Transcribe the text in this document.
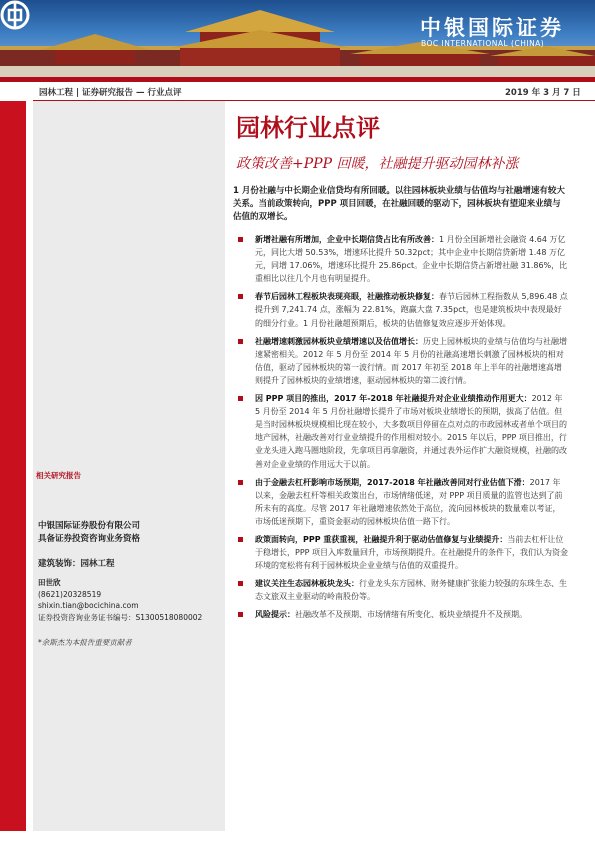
中银国际证券
BOC INTERNATIONAL (CHINA)
园林工程 | 证券研究报告 — 行业点评	2019 年 3 月 7 日
相关研究报告
中银国际证券股份有限公司
具备证券投资咨询业务资格
建筑装饰：园林工程
田世欣
(8621)20328519
shixin.tian@bocichina.com
证券投资咨询业务证书编号：S1300518080002
*余斯杰为本报告重要贡献者
园林行业点评
政策改善+PPP 回暖，社融提升驱动园林补涨
1 月份社融与中长期企业信贷均有所回暖。以往园林板块业绩与估值均与社融增速有较大关系。当前政策转向，PPP 项目回暖，在社融回暖的驱动下，园林板块有望迎来业绩与估值的双增长。
新增社融有所增加，企业中长期信贷占比有所改善：1 月份全国新增社会融资 4.64 万亿元，同比大增 50.53%，增速环比提升 50.32pct；其中企业中长期信贷新增 1.48 万亿元，同增 17.06%，增速环比提升 25.86pct。企业中长期信贷占新增社融 31.86%，比重相比以往几个月也有明显提升。
春节后园林工程板块表现亮眼，社融推动板块修复：春节后园林工程指数从 5,896.48 点提升到 7,241.74 点，涨幅为 22.81%，跑赢大盘 7.35pct，也是建筑板块中表现最好的细分行业。1 月份社融超预期后，板块的估值修复效应逐步开始体现。
社融增速刺激园林板块业绩增速以及估值增长：历史上园林板块的业绩与估值均与社融增速紧密相关。2012 年 5 月份至 2014 年 5 月份的社融高速增长刺激了园林板块的相对估值，驱动了园林板块的第一波行情。而 2017 年初至 2018 年上半年的社融增速高增则提升了园林板块的业绩增速，驱动园林板块的第二波行情。
因 PPP 项目的推出，2017 年-2018 年社融提升对企业业绩推动作用更大：2012 年 5 月份至 2014 年 5 月份社融增长提升了市场对板块业绩增长的预期，拔高了估值。但是当时园林板块规模相比现在较小，大多数项目停留在点对点的市政园林或者单个项目的地产园林，社融改善对行业业绩提升的作用相对较小。2015 年以后，PPP 项目推出，行业龙头进入跑马圈地阶段，先拿项目再拿融资，并通过表外运作扩大融资规模，社融的改善对企业业绩的作用远大于以前。
由于金融去杠杆影响市场预期，2017-2018 年社融改善同对行业估值下滑：2017 年以来，金融去杠杆等相关政策出台，市场情绪低迷，对 PPP 项目质量的监管也达到了前所未有的高度。尽管 2017 年社融增速依然处于高位，流向园林板块的数量难以考证，市场低迷预期下，重资金驱动的园林板块估值一路下行。
政策面转向，PPP 重获重视，社融提升利于驱动估值修复与业绩提升：当前去杠杆让位于稳增长，PPP 项目入库数量回升，市场预期提升。在社融提升的条件下，我们认为资金环境的宽松将有利于园林板块企业业绩与估值的双重提升。
建议关注生态园林板块龙头：行业龙头东方园林、财务健康扩张能力较强的东珠生态、生态文旅双主业驱动的岭南股份等。
风险提示：社融改革不及预期、市场情绪有所变化、板块业绩提升不及预期。
